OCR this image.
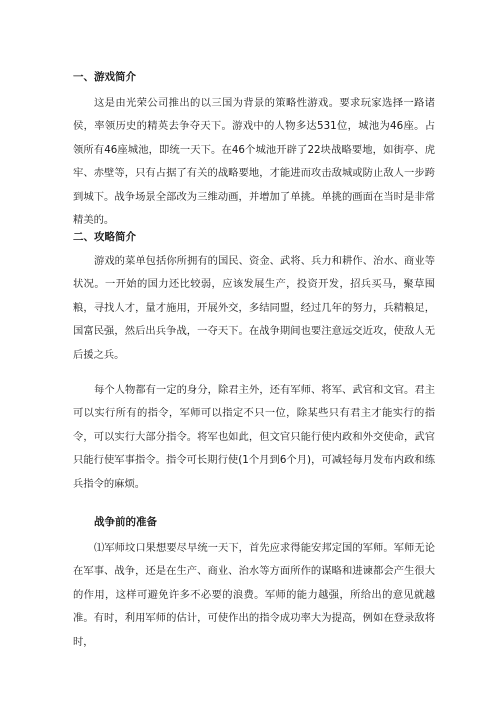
一、游戏简介
这是由光荣公司推出的以三国为背景的策略性游戏。要求玩家选择一路诸侯，率领历史的精英去争夺天下。游戏中的人物多达531位，城池为46座。占领所有46座城池，即统一天下。在46个城池开辟了22块战略要地，如街亭、虎牢、赤壁等，只有占据了有关的战略要地，才能进而攻击敌城或防止敌人一步跨到城下。战争场景全部改为三维动画，并增加了单挑。单挑的画面在当时是非常精美的。
二、攻略简介
游戏的菜单包括你所拥有的国民、资金、武将、兵力和耕作、治水、商业等状况。一开始的国力还比较弱，应该发展生产，投资开发，招兵买马，聚草囤粮，寻找人才，量才施用，开展外交，多结同盟，经过几年的努力，兵精粮足，国富民强，然后出兵争战，一夺天下。在战争期间也要注意远交近攻，使敌人无后援之兵。
每个人物都有一定的身分，除君主外，还有军师、将军、武官和文官。君主可以实行所有的指令，军师可以指定不只一位，除某些只有君主才能实行的指令，可以实行大部分指令。将军也如此，但文官只能行使内政和外交使命，武官只能行使军事指令。指令可长期行使(1个月到6个月)，可减轻每月发布内政和练兵指令的麻烦。
战争前的准备
⑴军师坟口果想要尽早统一天下，首先应求得能安邦定国的军师。军师无论在军事、战争，还是在生产、商业、治水等方面所作的谋略和进谏都会产生很大的作用，这样可避免许多不必要的浪费。军师的能力越强，所给出的意见就越准。有时，利用军师的估计，可使作出的指令成功率大为提高，例如在登录敌将时，
